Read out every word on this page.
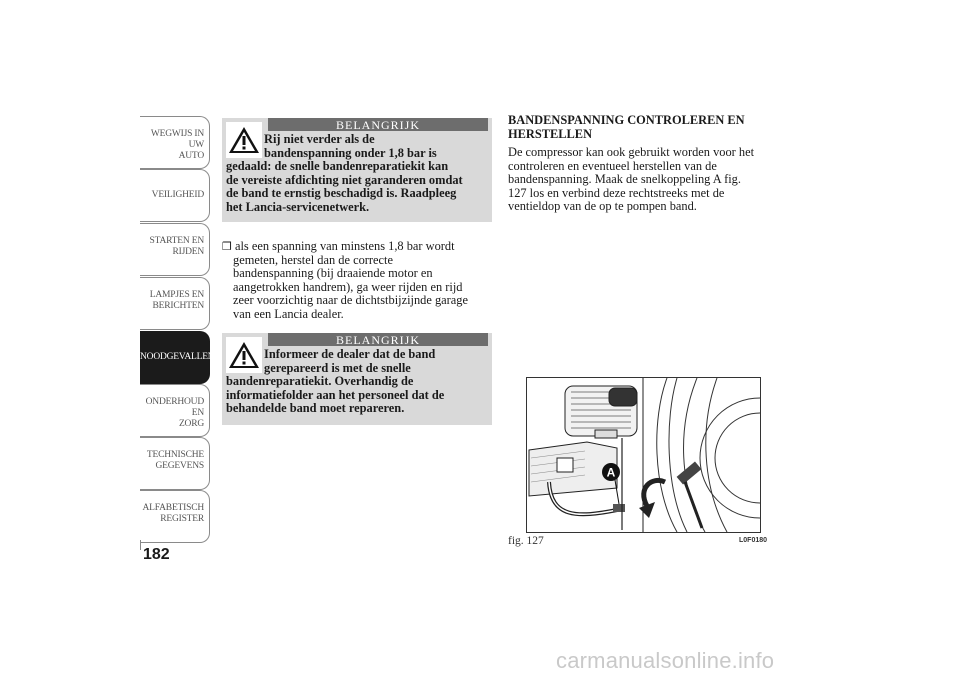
WEGWIJS IN UW
AUTO
VEILIGHEID
STARTEN EN
RIJDEN
LAMPJES EN
BERICHTEN
NOODGEVALLEN
ONDERHOUD EN
ZORG
TECHNISCHE
GEGEVENS
ALFABETISCH
REGISTER
182
BELANGRIJK
Rij niet verder als de
bandenspanning onder 1,8 bar is
gedaald: de snelle bandenreparatiekit kan
de vereiste afdichting niet garanderen omdat
de band te ernstig beschadigd is. Raadpleeg
het Lancia-servicenetwerk.
❒ als een spanning van minstens 1,8 bar wordt
gemeten, herstel dan de correcte
bandenspanning (bij draaiende motor en
aangetrokken handrem), ga weer rijden en rijd
zeer voorzichtig naar de dichtstbijzijnde garage
van een Lancia dealer.
BELANGRIJK
Informeer de dealer dat de band
gerepareerd is met de snelle
bandenreparatiekit. Overhandig de
informatiefolder aan het personeel dat de
behandelde band moet repareren.
BANDENSPANNING CONTROLEREN EN
HERSTELLEN
De compressor kan ook gebruikt worden voor het
controleren en eventueel herstellen van de
bandenspanning. Maak de snelkoppeling A fig.
127 los en verbind deze rechtstreeks met de
ventieldop van de op te pompen band.
A
fig. 127	L0F0180
carmanualsonline.info
